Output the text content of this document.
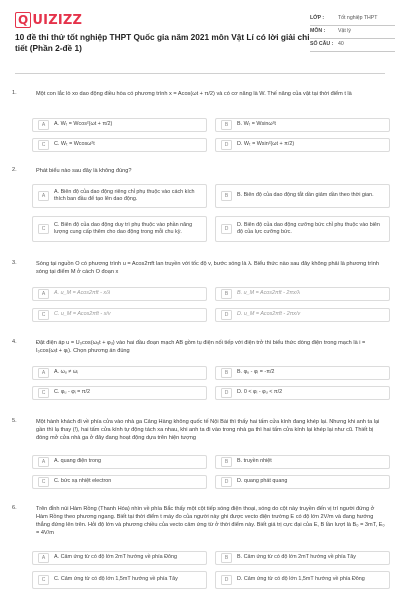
Q UIZIZZ
10 đề thi thử tốt nghiệp THPT Quốc gia năm 2021 môn Vật Lí có lời giải chi tiết (Phần 2-đề 1)
LỚP :	Tốt nghiệp THPT
MÔN :	Vật lý
SỐ CÂU : 40
1.	Một con lắc lò xo dao động điều hòa có phương trình x = Acos(ωt + π/2) và có cơ năng là W. Thế năng của vật tại thời điểm t là
A	A. Wₜ = Wcos²(ωt + π/2)	B	B. Wₜ = Wsinω²t
C	C. Wₜ = Wcosω²t	D	D. Wₜ = Wsin²(ωt + π/2)
2.	Phát biểu nào sau đây là không đúng?
A
A. Biên độ của dao động riêng chỉ phụ thuộc vào cách kích thích ban đầu để tạo lên dao động.	B	B. Biên độ của dao động tắt dần giảm dần theo thời gian.
C
C. Biên độ của dao động duy trì phụ thuộc vào phần năng lượng cung cấp thêm cho dao động trong mỗi chu kỳ.	D
D. Biên độ của dao động cưỡng bức chỉ phụ thuộc vào biên độ của lực cưỡng bức.
3.	Sóng tại nguồn O có phương trình u = Acos2πft lan truyền với tốc độ v, bước sóng là λ. Biểu thức nào sau đây không phải là phương trình sóng tại điểm M ở cách O đoạn x
A	A. u_M = Acos2πft - x/λ	B	B. u_M = Acos2πft - 2πx/λ
C	C. u_M = Acos2πft - x/v	D	D. u_M = Acos2πft - 2πx/v
4.	Đặt điện áp u = U₀cos(ωᵤt + φᵤ) vào hai đầu đoạn mạch AB gồm tụ điện nối tiếp với điện trở thì biểu thức dòng điện trong mạch là i = I₀cos(ωᵢt + φᵢ). Chọn phương án đúng
A	A. ωᵤ ≠ ωᵢ	B	B. φᵤ - φᵢ = -π/2
C	C. φᵤ - φᵢ = π/2	D	D. 0 < φᵢ - φᵤ < π/2
5.	Một hành khách đi về phía cửa vào nhà ga Cảng Hàng không quốc tế Nội Bài thì thấy hai tấm cửa kính đang khép lại. Nhưng khi anh ta lại gần thì lạ thay (!), hai tấm cửa kính tự động tách xa nhau, khi anh ta đi vào trong nhà ga thì hai tấm cửa kính lại khép lại như cũ. Thiết bị đóng mở cửa nhà ga ở đây đang hoạt động dựa trên hiện tượng
A	A. quang điện trong	B	B. truyền nhiệt
C	C. bức xạ nhiệt electron	D	D. quang phát quang
6.	Trên đỉnh núi Hàm Rồng (Thanh Hóa) nhìn về phía Bắc thấy một cột tiếp sóng điện thoại, sóng do cột này truyền đến vị trí người đứng ở Hàm Rồng theo phương ngang. Biết tại thời điểm t máy đo của người này ghi được vecto điện trường E có độ lớn 2V/m và đang hướng thẳng đứng lên trên. Hỏi độ lớn và phương chiều của vecto cảm ứng từ ở thời điểm này. Biết giá trị cực đại của E, B lần lượt là B₀ = 3mT, E₀ = 4V/m
A	A. Cảm ứng từ có độ lớn 2mT hướng về phía Đông	B	B. Cảm ứng từ có độ lớn 2mT hướng về phía Tây
C	C. Cảm ứng từ có độ lớn 1,5mT hướng về phía Tây	D	D. Cảm ứng từ có độ lớn 1,5mT hướng về phía Đông
